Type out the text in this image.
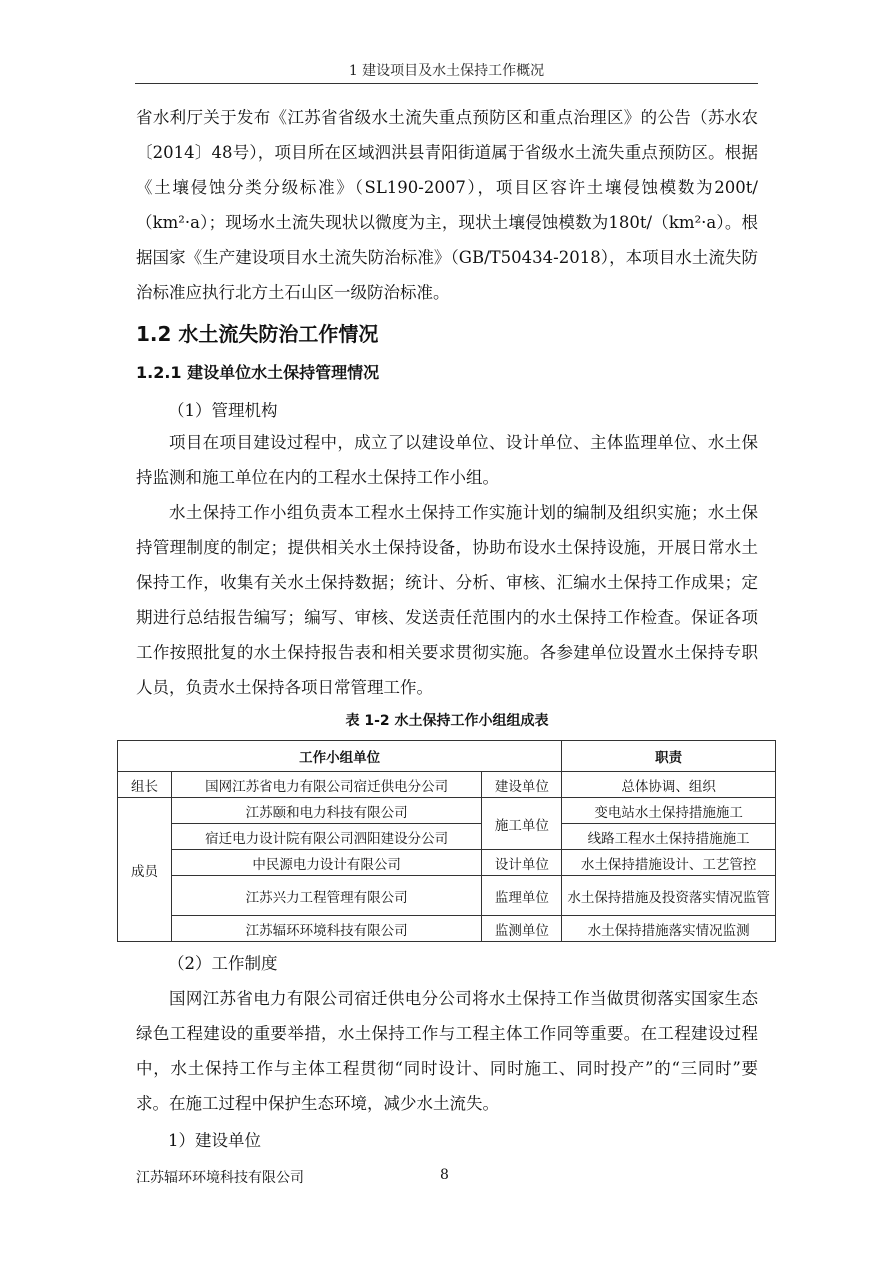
1 建设项目及水土保持工作概况

省水利厅关于发布《江苏省省级水土流失重点预防区和重点治理区》的公告（苏水农〔2014〕48号），项目所在区域泗洪县青阳街道属于省级水土流失重点预防区。根据《土壤侵蚀分类分级标准》（SL190-2007），项目区容许土壤侵蚀模数为200t/（km²·a）；现场水土流失现状以微度为主，现状土壤侵蚀模数为180t/（km²·a）。根据国家《生产建设项目水土流失防治标准》（GB/T50434-2018），本项目水土流失防治标准应执行北方土石山区一级防治标准。

1.2 水土流失防治工作情况
1.2.1 建设单位水土保持管理情况
（1）管理机构

项目在项目建设过程中，成立了以建设单位、设计单位、主体监理单位、水土保持监测和施工单位在内的工程水土保持工作小组。

水土保持工作小组负责本工程水土保持工作实施计划的编制及组织实施；水土保持管理制度的制定；提供相关水土保持设备，协助布设水土保持设施，开展日常水土保持工作，收集有关水土保持数据；统计、分析、审核、汇编水土保持工作成果；定期进行总结报告编写；编写、审核、发送责任范围内的水土保持工作检查。保证各项工作按照批复的水土保持报告表和相关要求贯彻实施。各参建单位设置水土保持专职人员，负责水土保持各项日常管理工作。

表 1-2 水土保持工作小组组成表
工作小组单位			职责
组长	国网江苏省电力有限公司宿迁供电分公司	建设单位	总体协调、组织
成员	江苏颐和电力科技有限公司	施工单位	变电站水土保持措施施工
	宿迁电力设计院有限公司泗阳建设分公司		线路工程水土保持措施施工
	中民源电力设计有限公司	设计单位	水土保持措施设计、工艺管控
	江苏兴力工程管理有限公司	监理单位	水土保持措施及投资落实情况监管
	江苏辐环环境科技有限公司	监测单位	水土保持措施落实情况监测
（2）工作制度

国网江苏省电力有限公司宿迁供电分公司将水土保持工作当做贯彻落实国家生态绿色工程建设的重要举措，水土保持工作与工程主体工作同等重要。在工程建设过程中，水土保持工作与主体工程贯彻“同时设计、同时施工、同时投产”的“三同时”要求。在施工过程中保护生态环境，减少水土流失。

1）建设单位
江苏辐环环境科技有限公司	8
